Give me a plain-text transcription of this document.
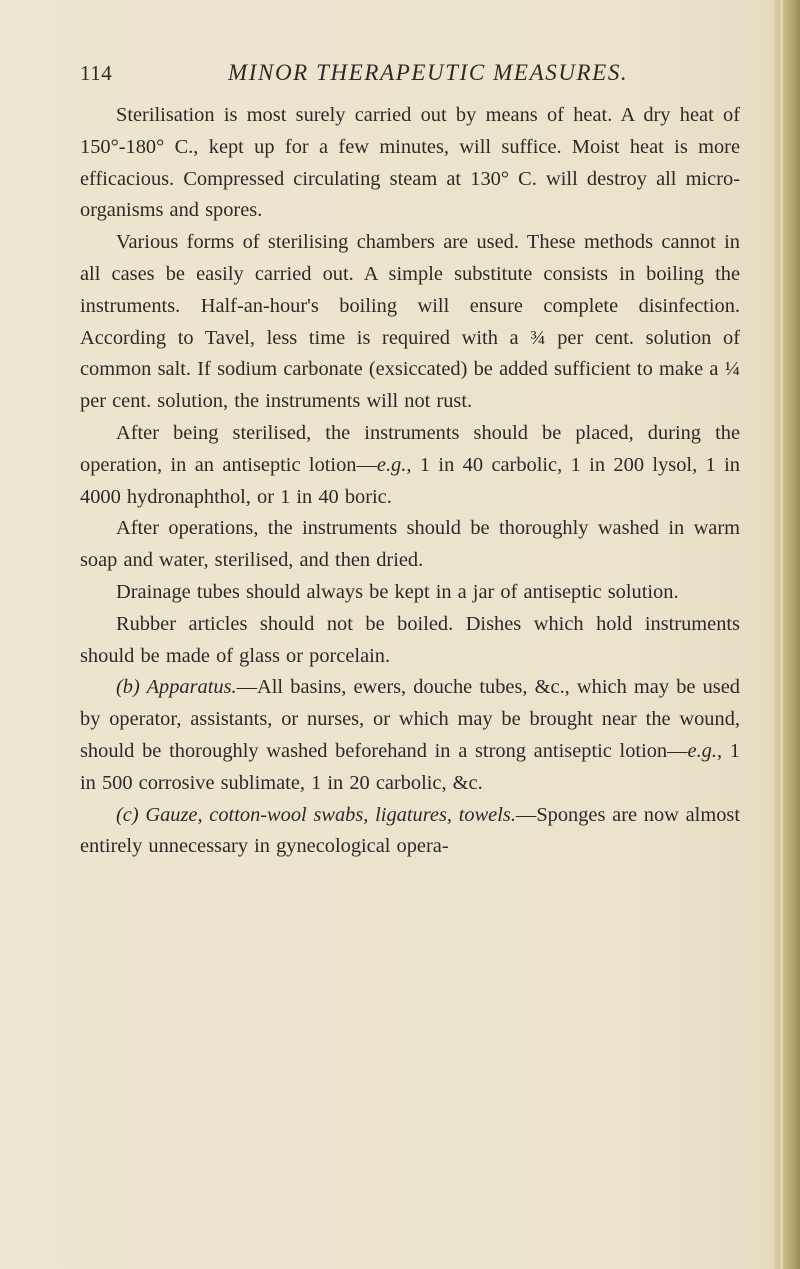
114	MINOR THERAPEUTIC MEASURES.

Sterilisation is most surely carried out by means of heat. A dry heat of 150°-180° C., kept up for a few minutes, will suffice. Moist heat is more efficacious. Compressed circulating steam at 130° C. will destroy all micro-organisms and spores.

Various forms of sterilising chambers are used. These methods cannot in all cases be easily carried out. A simple substitute consists in boiling the instruments. Half-an-hour's boiling will ensure complete disinfection. According to Tavel, less time is required with a ¾ per cent. solution of common salt. If sodium carbonate (exsiccated) be added sufficient to make a ¼ per cent. solution, the instruments will not rust.

After being sterilised, the instruments should be placed, during the operation, in an antiseptic lotion—e.g., 1 in 40 carbolic, 1 in 200 lysol, 1 in 4000 hydronaphthol, or 1 in 40 boric.

After operations, the instruments should be thoroughly washed in warm soap and water, sterilised, and then dried.

Drainage tubes should always be kept in a jar of antiseptic solution.

Rubber articles should not be boiled. Dishes which hold instruments should be made of glass or porcelain.

(b) Apparatus.—All basins, ewers, douche tubes, &c., which may be used by operator, assistants, or nurses, or which may be brought near the wound, should be thoroughly washed beforehand in a strong antiseptic lotion—e.g., 1 in 500 corrosive sublimate, 1 in 20 carbolic, &c.

(c) Gauze, cotton-wool swabs, ligatures, towels.—Sponges are now almost entirely unnecessary in gynecological opera-
